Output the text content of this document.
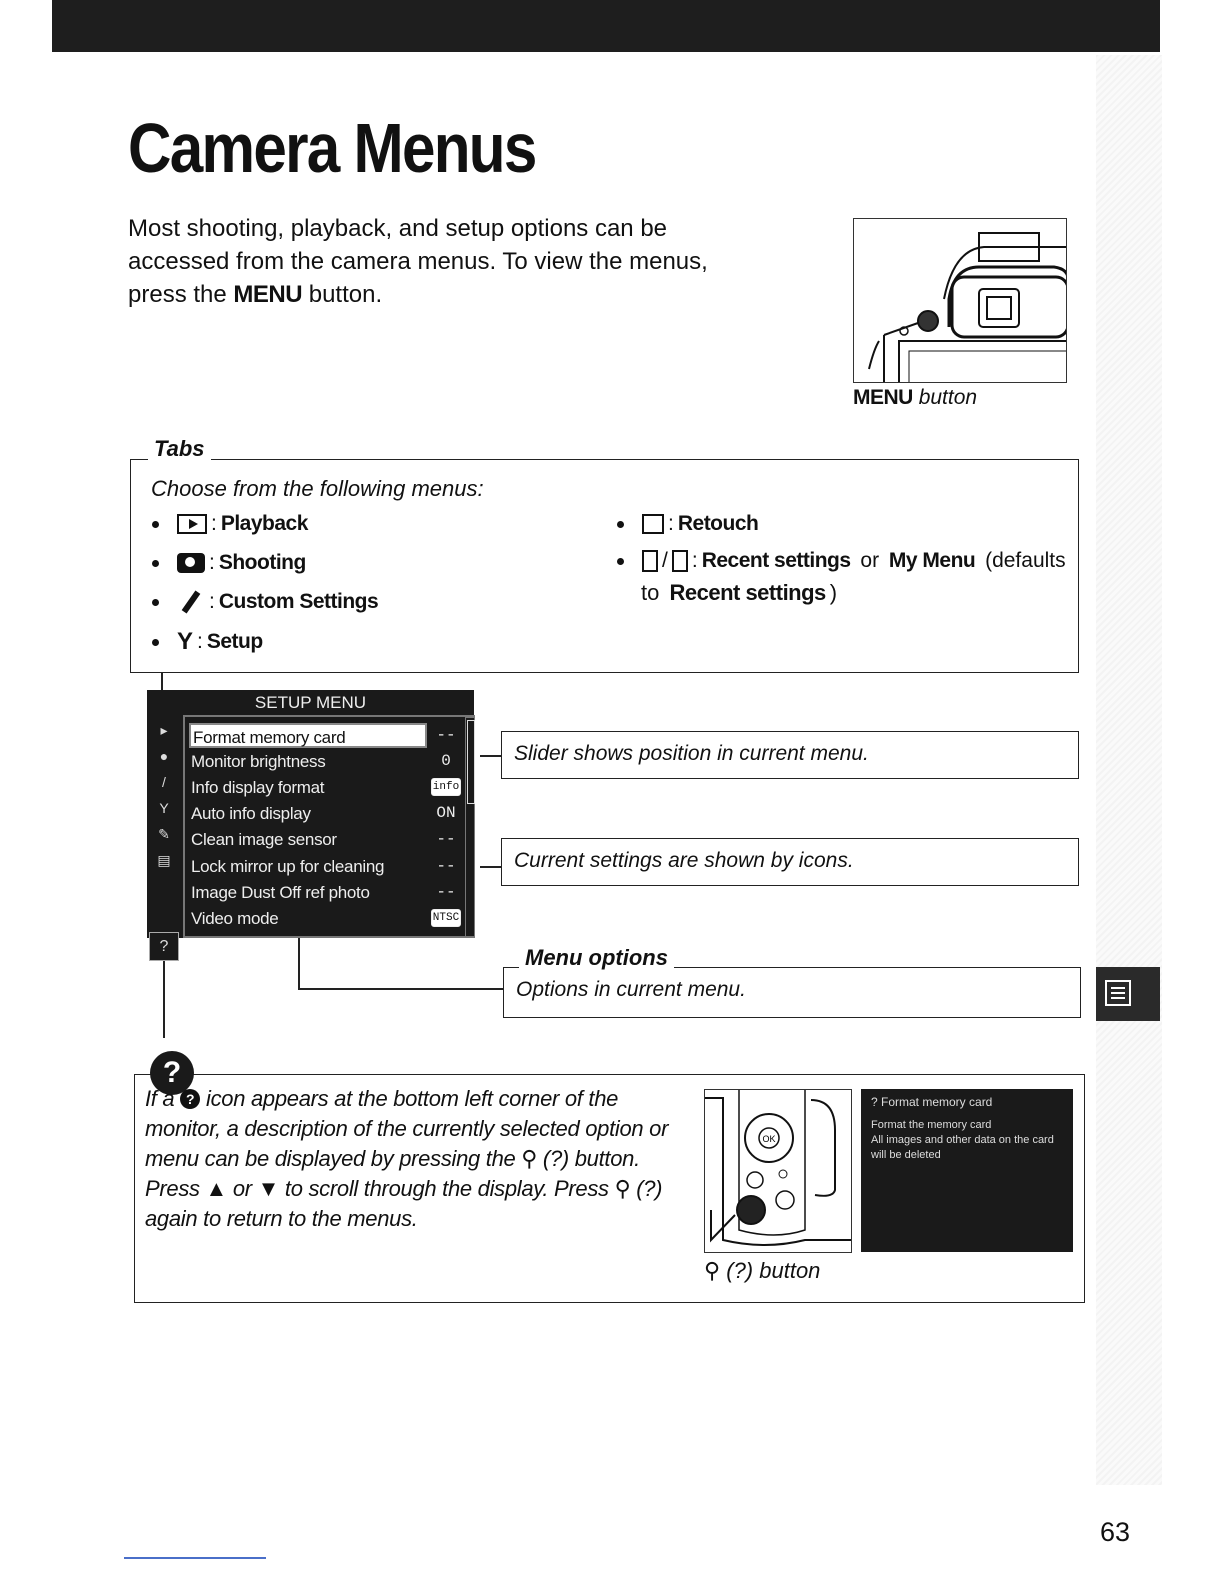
Camera Menus

Most shooting, playback, and setup options can be accessed from the camera menus. To view the menus, press the MENU button.

MENU button
Tabs
Choose from the following menus:
: Playback
: Shooting
: Custom Settings
Y : Setup
: Retouch
/ : Recent settings or My Menu (defaults
to Recent settings )
SETUP MENU
▸
●
/
Y
✎
▤
?
Format memory card
Monitor brightness
Info display format
Auto info display
Clean image sensor
Lock mirror up for cleaning
Image Dust Off ref photo
Video mode
--
0
info
ON
--
--
--
NTSC
Slider shows position in current menu.
Current settings are shown by icons.
Options in current menu.
Menu options
?
If a ? icon appears at the bottom left corner of the
monitor, a description of the currently selected option or
menu can be displayed by pressing the ⚲ (?) button.
Press ▲ or ▼ to scroll through the display. Press ⚲ (?)
again to return to the menus.
OK
? Format memory card
Format the memory card
All images and other data on the card
will be deleted
⚲ (?) button
63
